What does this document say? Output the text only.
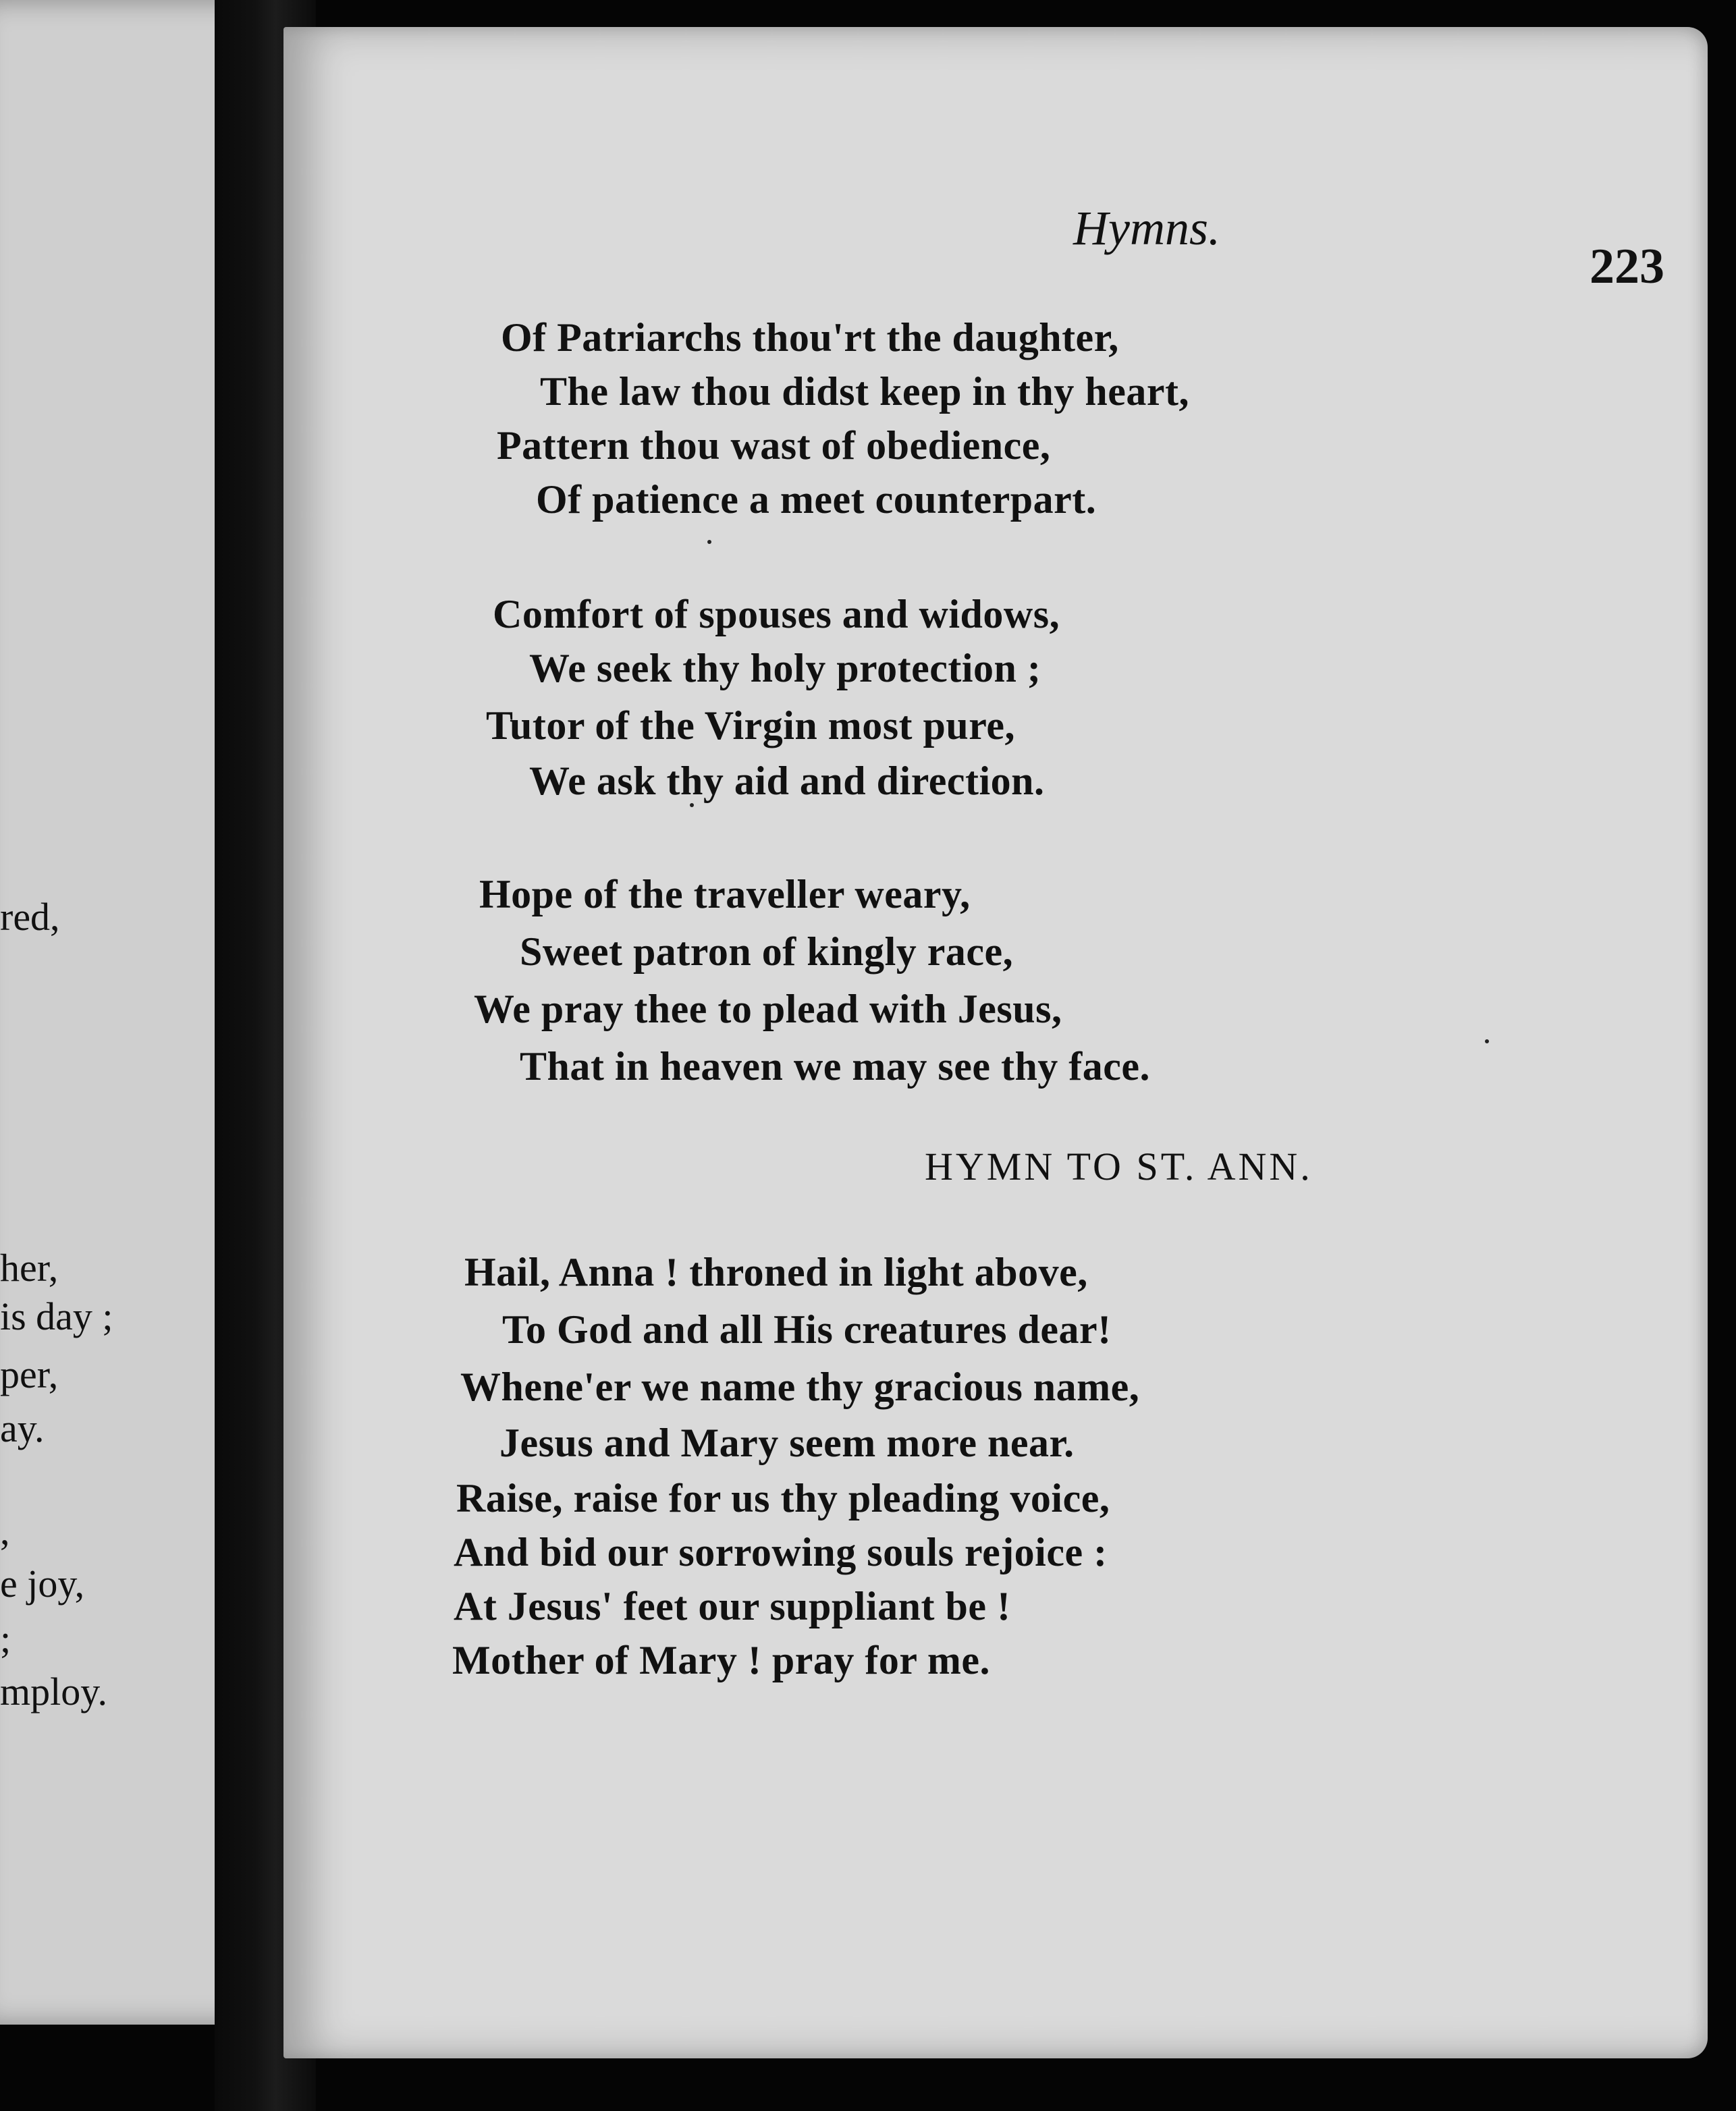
red,
her,
is day ;
per,
ay.
,
e joy,
;
mploy.
Hymns.
223
Of Patriarchs thou'rt the daughter,
The law thou didst keep in thy heart,
Pattern thou wast of obedience,
Of patience a meet counterpart.
Comfort of spouses and widows,
We seek thy holy protection ;
Tutor of the Virgin most pure,
We ask thy aid and direction.
Hope of the traveller weary,
Sweet patron of kingly race,
We pray thee to plead with Jesus,
That in heaven we may see thy face.
HYMN TO ST. ANN.
Hail, Anna ! throned in light above,
To God and all His creatures dear!
Whene'er we name thy gracious name,
Jesus and Mary seem more near.
Raise, raise for us thy pleading voice,
And bid our sorrowing souls rejoice :
At Jesus' feet our suppliant be !
Mother of Mary ! pray for me.
